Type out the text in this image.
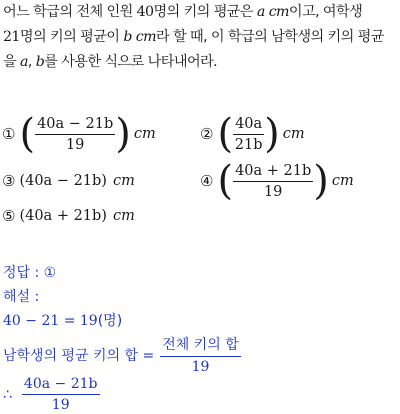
어느 학급의 전체 인원 40명의 키의 평균은 a cm이고, 여학생
21명의 키의 평균이 b cm라 할 때, 이 학급의 남학생의 키의 평균
을 a, b를 사용한 식으로 나타내어라.
① ( $\frac{40a - 21b}{19}$ ) cm	② ( $\frac{40a}{21b}$ ) cm
③ (40a − 21b) cm	④ ( $\frac{40a + 21b}{19}$ ) cm
⑤ (40a + 21b) cm
정답 : ①
해설 :
40 − 21 = 19(명)
남학생의 평균 키의 합 = $\frac{\text{전체 키의 합}}{19}$
∴ $\frac{40a - 21b}{19}$
